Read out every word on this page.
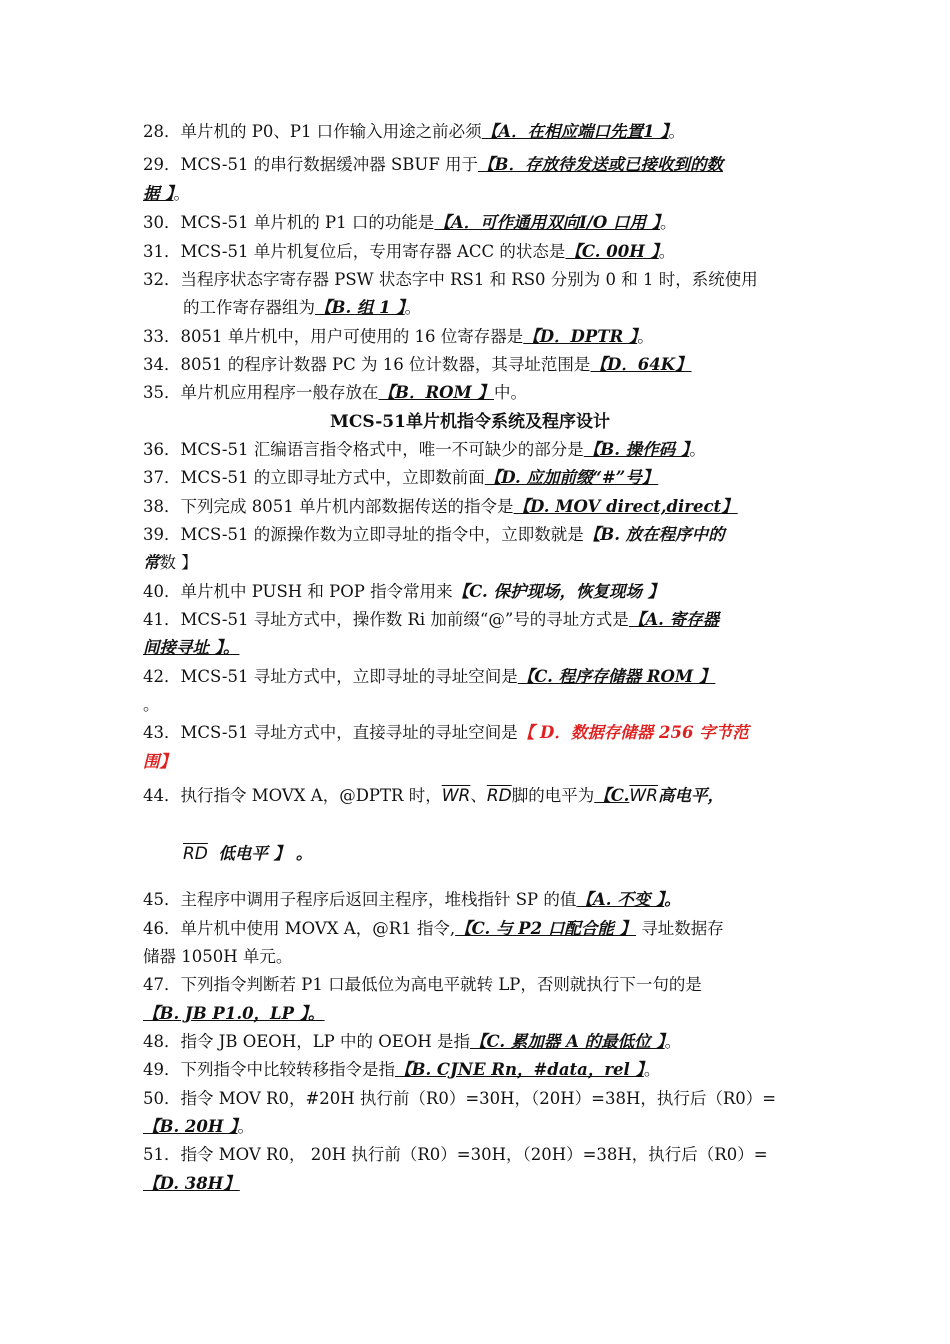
28．单片机的 P0、P1 口作输入用途之前必须【A．在相应端口先置1 】。
29．MCS-51 的串行数据缓冲器 SBUF 用于【B．存放待发送或已接收到的数
据 】。
30．MCS-51 单片机的 P1 口的功能是【A．可作通用双向I/O 口用 】。
31．MCS-51 单片机复位后，专用寄存器 ACC 的状态是【C. 00H 】。
32．当程序状态字寄存器 PSW 状态字中 RS1 和 RS0 分别为 0 和 1 时，系统使用
的工作寄存器组为【B. 组 1 】。
33．8051 单片机中，用户可使用的 16 位寄存器是【D．DPTR 】。
34．8051 的程序计数器 PC 为 16 位计数器，其寻址范围是【D．64K】
35．单片机应用程序一般存放在【B．ROM 】中。
MCS-51单片机指令系统及程序设计
36．MCS-51 汇编语言指令格式中，唯一不可缺少的部分是【B. 操作码 】。
37．MCS-51 的立即寻址方式中，立即数前面【D. 应加前缀“#”号】
38．下列完成 8051 单片机内部数据传送的指令是【D. MOV direct,direct】
39．MCS-51 的源操作数为立即寻址的指令中，立即数就是【B. 放在程序中的
常数 】
40．单片机中 PUSH 和 POP 指令常用来【C. 保护现场，恢复现场 】
41．MCS-51 寻址方式中，操作数 Ri 加前缀“@”号的寻址方式是【A. 寄存器
间接寻址 】。
42．MCS-51 寻址方式中，立即寻址的寻址空间是【C. 程序存储器 ROM 】
。
43．MCS-51 寻址方式中，直接寻址的寻址空间是【 D．数据存储器 256 字节范
围】
44．执行指令 MOVX A，@DPTR 时，$\overline{WR}$、$\overline{RD}$脚的电平为【$C.\overline{WR}$高电平，
$\overline{RD}$ 低电平 】 。
45．主程序中调用子程序后返回主程序，堆栈指针 SP 的值【A. 不变 】。
46．单片机中使用 MOVX A，@R1 指令,【C. 与 P2 口配合能 】 寻址数据存
储器 1050H 单元。
47．下列指令判断若 P1 口最低位为高电平就转 LP，否则就执行下一句的是
【B. JB P1.0，LP 】。
48．指令 JB OEOH，LP 中的 OEOH 是指【C. 累加器 A 的最低位 】。
49．下列指令中比较转移指令是指【B. CJNE Rn，#data，rel 】。
50．指令 MOV R0，#20H 执行前（R0）=30H，（20H）=38H，执行后（R0）=
【B. 20H 】。
51．指令 MOV R0， 20H 执行前（R0）=30H，（20H）=38H，执行后（R0）=
【D. 38H】
